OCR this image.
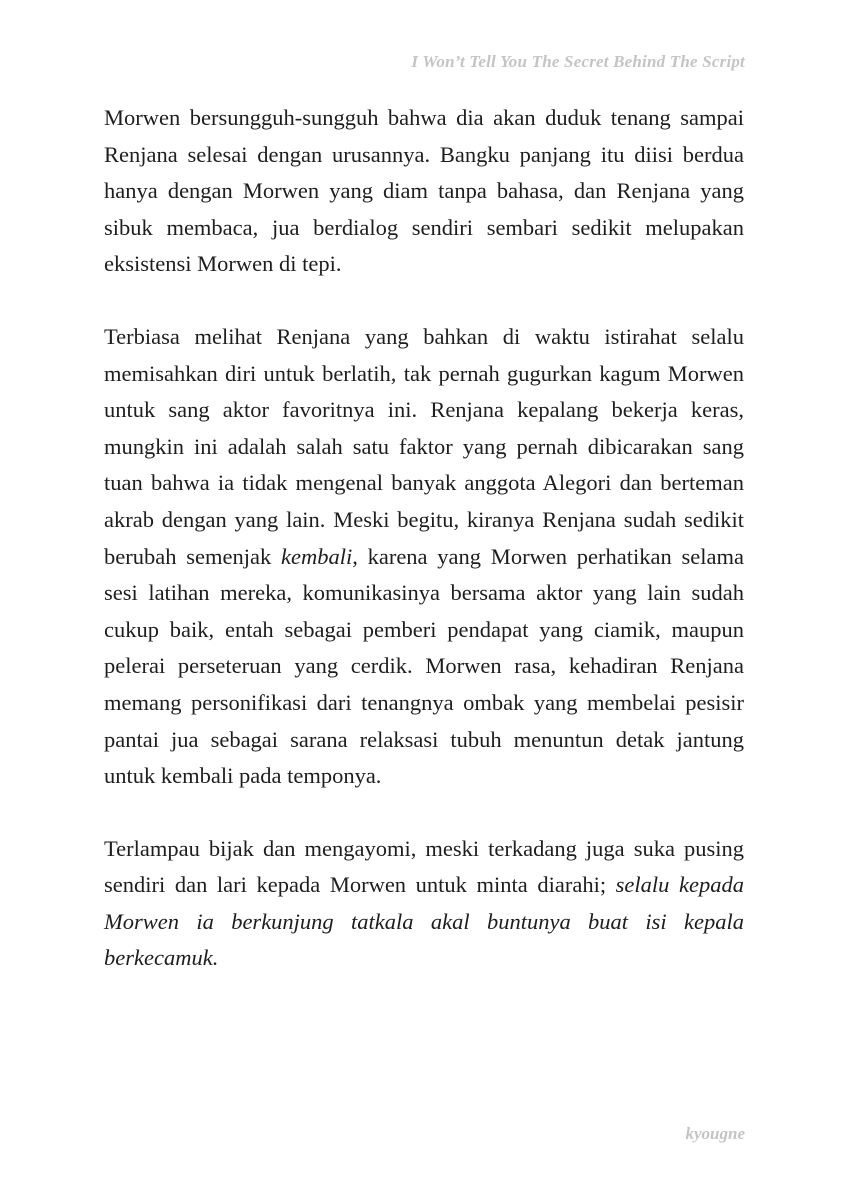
I Won’t Tell You The Secret Behind The Script

Morwen bersungguh-sungguh bahwa dia akan duduk tenang sampai Renjana selesai dengan urusannya. Bangku panjang itu diisi berdua hanya dengan Morwen yang diam tanpa bahasa, dan Renjana yang sibuk membaca, jua berdialog sendiri sembari sedikit melupakan eksistensi Morwen di tepi.

Terbiasa melihat Renjana yang bahkan di waktu istirahat selalu memisahkan diri untuk berlatih, tak pernah gugurkan kagum Morwen untuk sang aktor favoritnya ini. Renjana kepalang bekerja keras, mungkin ini adalah salah satu faktor yang pernah dibicarakan sang tuan bahwa ia tidak mengenal banyak anggota Alegori dan berteman akrab dengan yang lain. Meski begitu, kiranya Renjana sudah sedikit berubah semenjak kembali, karena yang Morwen perhatikan selama sesi latihan mereka, komunikasinya bersama aktor yang lain sudah cukup baik, entah sebagai pemberi pendapat yang ciamik, maupun pelerai perseteruan yang cerdik. Morwen rasa, kehadiran Renjana memang personifikasi dari tenangnya ombak yang membelai pesisir pantai jua sebagai sarana relaksasi tubuh menuntun detak jantung untuk kembali pada temponya.

Terlampau bijak dan mengayomi, meski terkadang juga suka pusing sendiri dan lari kepada Morwen untuk minta diarahi; selalu kepada Morwen ia berkunjung tatkala akal buntunya buat isi kepala berkecamuk.

kyougne
